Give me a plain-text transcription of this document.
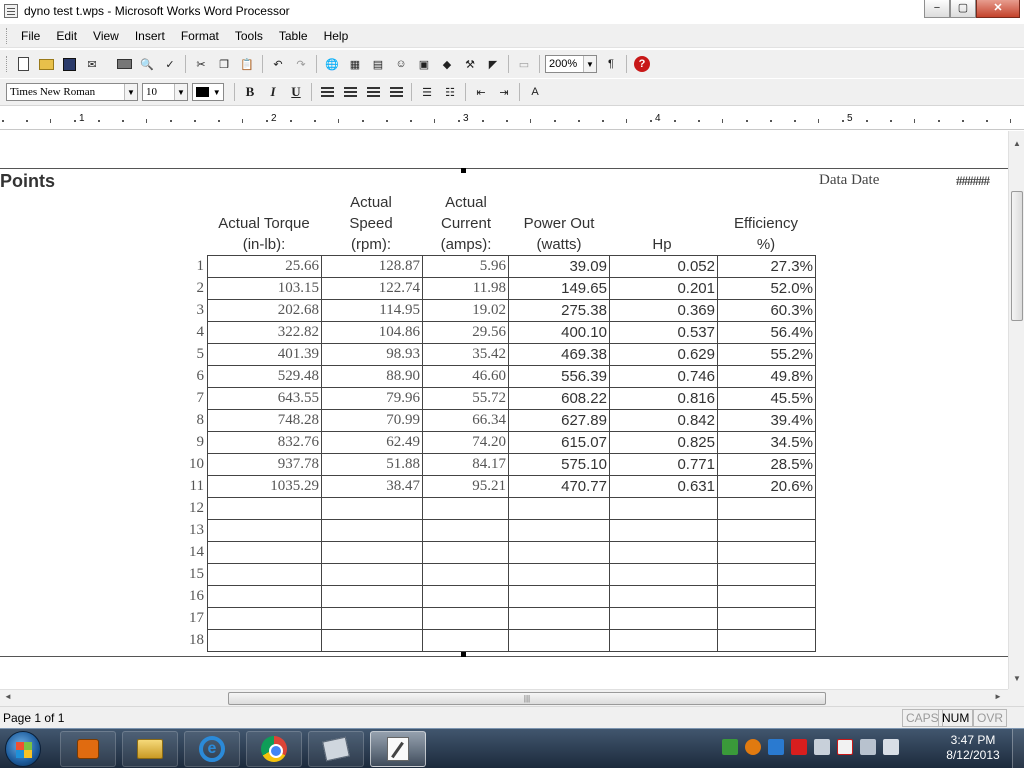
dyno test t.wps - Microsoft Works Word Processor	−	▢	✕
File	Edit	View	Insert	Format	Tools	Table	Help
✉	🔍	✓	✂	❐	📋	↶	↷	🌐 ▦	▤	☺	▣	◆	⚒	◤	▭	200%	▼	¶	?
Times New Roman	▼ 10	▼	▼	B	I	U	☰	☷	⇤	⇥	A
1	2	3	4	5
Points	Data Date	######
Actual Torque
(in-lb):
Actual
Speed
(rpm):
Actual
Current
(amps):
Power Out
(watts)	Hp
Efficiency
%)
1
2
3
4
5
6
7
8
9
10
11
12
13
14
15
16
17
18
25.66	128.87	5.96	39.09	0.052	27.3%
103.15	122.74	11.98	149.65	0.201	52.0%
202.68	114.95	19.02	275.38	0.369	60.3%
322.82	104.86	29.56	400.10	0.537	56.4%
401.39	98.93	35.42	469.38	0.629	55.2%
529.48	88.90	46.60	556.39	0.746	49.8%
643.55	79.96	55.72	608.22	0.816	45.5%
748.28	70.99	66.34	627.89	0.842	39.4%
832.76	62.49	74.20	615.07	0.825	34.5%
937.78	51.88	84.17	575.10	0.771	28.5%
1035.29	38.47	95.21	470.77	0.631	20.6%

▲
▼
◄	|||	►
Page 1 of 1	CAPS NUM OVR
e	3:47 PM
8/12/2013
